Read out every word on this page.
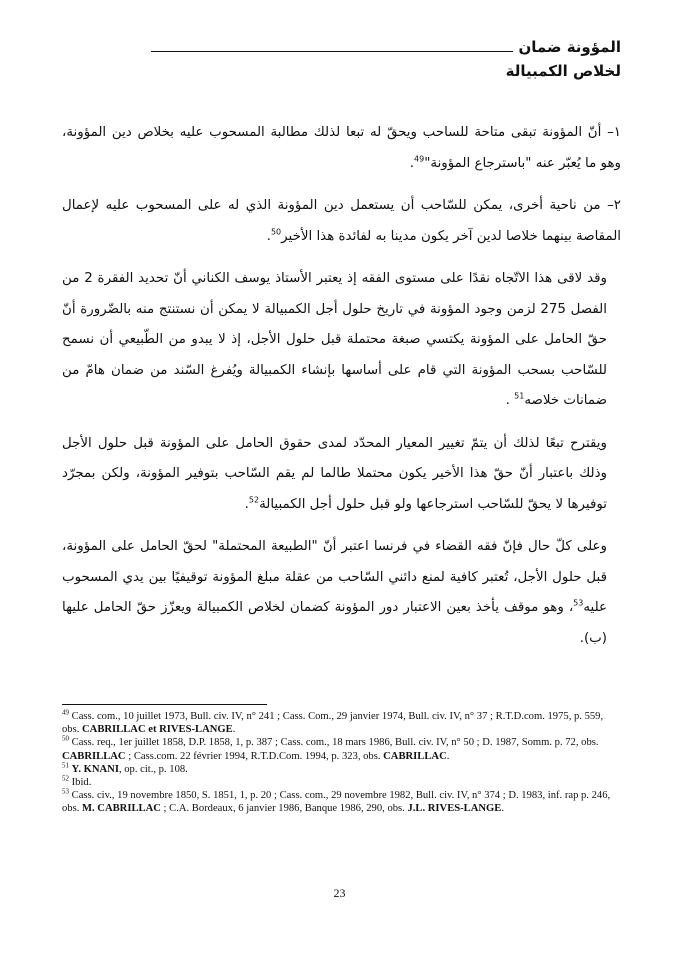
المؤونة ضمان
لخلاص الكمبيالة

١– أنّ المؤونة تبقى متاحة للساحب ويحقّ له تبعا لذلك مطالبة المسحوب عليه بخلاص دين المؤونة، وهو ما يُعبّر عنه "باسترجاع المؤونة"$^{49}$.

٢– من ناحية أخرى، يمكن للسّاحب أن يستعمل دين المؤونة الذي له على المسحوب عليه لإعمال المقاصة بينهما خلاصا لدين آخر يكون مدينا به لفائدة هذا الأخير$^{50}$.

وقد لاقى هذا الاتّجاه نقدًا على مستوى الفقه إذ يعتبر الأستاذ يوسف الكناني أنّ تحديد الفقرة 2 من الفصل 275 لزمن وجود المؤونة في تاريخ حلول أجل الكمبيالة لا يمكن أن نستنتج منه بالضّرورة أنّ حقّ الحامل على المؤونة يكتسي صبغة محتملة قبل حلول الأجل، إذ لا يبدو من الطّبيعي أن نسمح للسّاحب بسحب المؤونة التي قام على أساسها بإنشاء الكمبيالة ويُفرغ السّند من ضمان هامّ من ضمانات خلاصه$^{51}$ .

ويقترح تبعًا لذلك أن يتمّ تغيير المعيار المحدّد لمدى حقوق الحامل على المؤونة قبل حلول الأجل وذلك باعتبار أنّ حقّ هذا الأخير يكون محتملا طالما لم يقم السّاحب بتوفير المؤونة، ولكن بمجرّد توفيرها لا يحقّ للسّاحب استرجاعها ولو قبل حلول أجل الكمبيالة$^{52}$.

وعلى كلّ حال فإنّ فقه القضاء في فرنسا اعتبر أنّ "الطبيعة المحتملة" لحقّ الحامل على المؤونة، قبل حلول الأجل، تُعتبر كافية لمنع دائني السّاحب من عقلة مبلغ المؤونة توقيفيًا بين يدي المسحوب عليه$^{53}$، وهو موقف يأخذ بعين الاعتبار دور المؤونة كضمان لخلاص الكمبيالة ويعزّز حقّ الحامل عليها (ب).

$^{49}$ Cass. com., 10 juillet 1973, Bull. civ. IV, n° 241 ; Cass. Com., 29 janvier 1974, Bull. civ. IV, n° 37 ; R.T.D.com. 1975, p. 559, obs. CABRILLAC et RIVES-LANGE.

$^{50}$ Cass. req., 1er juillet 1858, D.P. 1858, 1, p. 387 ; Cass. com., 18 mars 1986, Bull. civ. IV, n° 50 ; D. 1987, Somm. p. 72, obs. CABRILLAC ; Cass.com. 22 février 1994, R.T.D.Com. 1994, p. 323, obs. CABRILLAC.

$^{51}$ Y. KNANI, op. cit., p. 108.

$^{52}$ Ibid.

$^{53}$ Cass. civ., 19 novembre 1850, S. 1851, 1, p. 20 ; Cass. com., 29 novembre 1982, Bull. civ. IV, n° 374 ; D. 1983, inf. rap p. 246, obs. M. CABRILLAC ; C.A. Bordeaux, 6 janvier 1986, Banque 1986, 290, obs. J.L. RIVES-LANGE.

23
